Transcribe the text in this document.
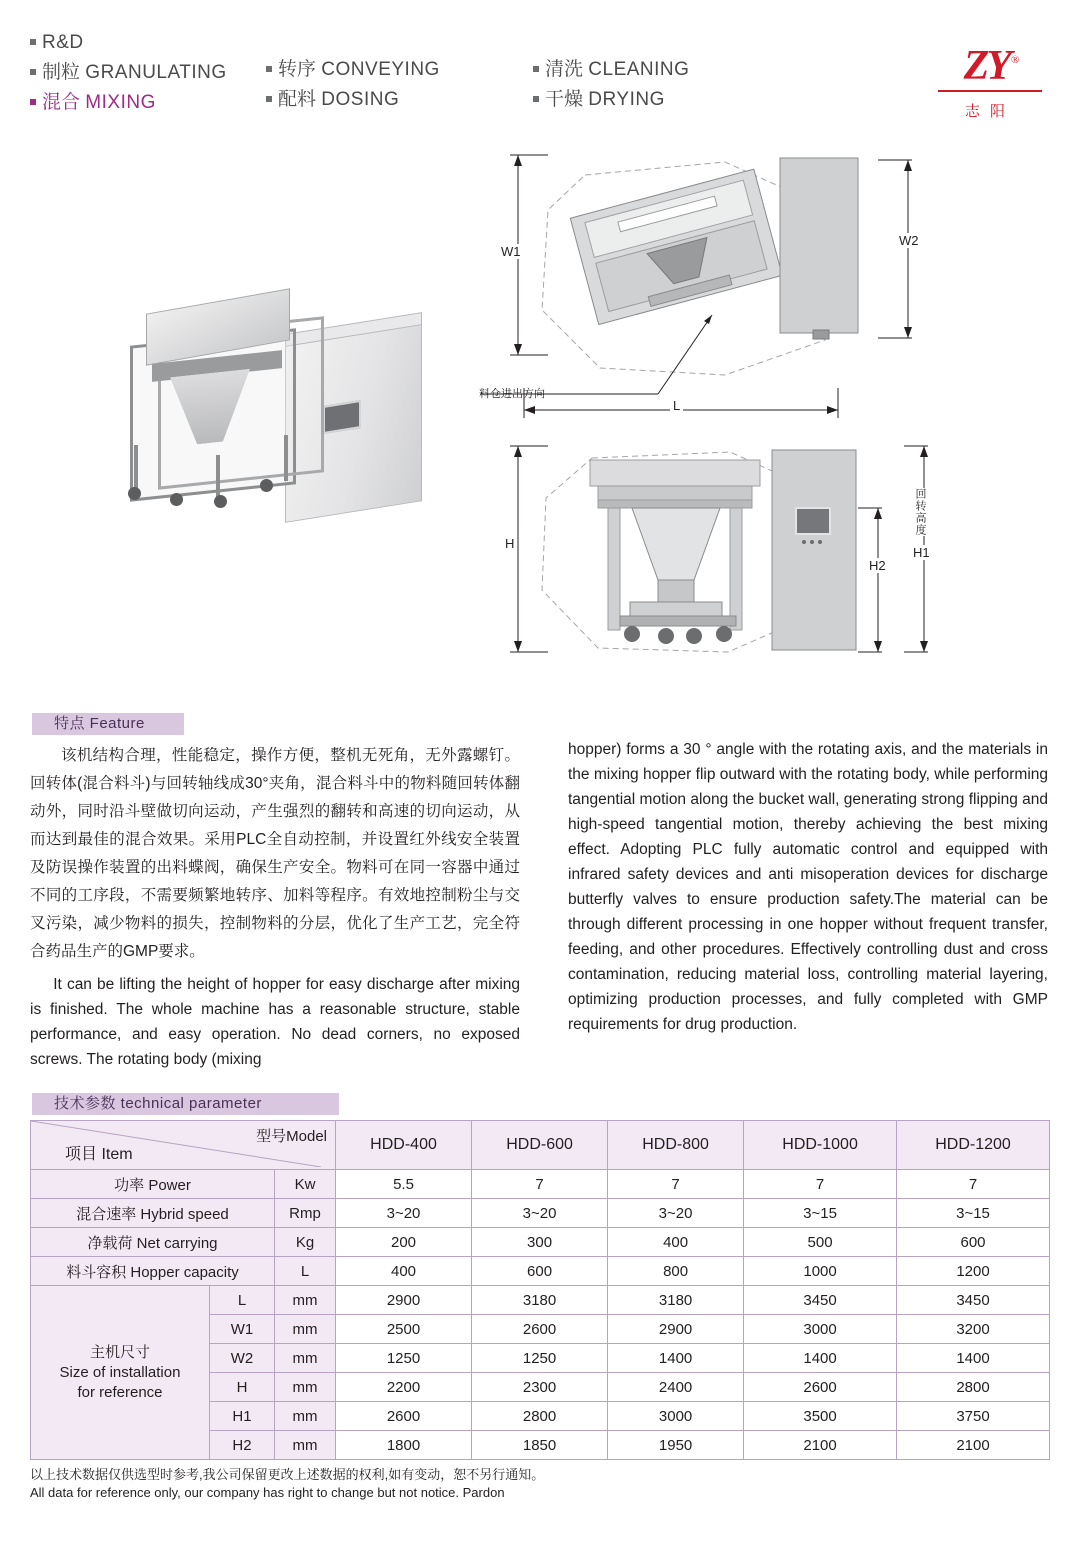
R&D
制粒 GRANULATING
混合 MIXING
转序 CONVEYING
配料 DOSING
清洗 CLEANING
干燥 DRYING
ZY ®
志阳
W1
W2
L
料仓进出方向
H
H2
回转高度
H1
特点 Feature

该机结构合理，性能稳定，操作方便，整机无死角，无外露螺钉。回转体(混合料斗)与回转轴线成30°夹角，混合料斗中的物料随回转体翻动外，同时沿斗壁做切向运动，产生强烈的翻转和高速的切向运动，从而达到最佳的混合效果。采用PLC全自动控制，并设置红外线安全装置及防误操作装置的出料蝶阀，确保生产安全。物料可在同一容器中通过不同的工序段，不需要频繁地转序、加料等程序。有效地控制粉尘与交叉污染，减少物料的损失，控制物料的分层，优化了生产工艺，完全符合药品生产的GMP要求。

It can be lifting the height of hopper for easy discharge after mixing is finished. The whole machine has a reasonable structure, stable performance, and easy operation. No dead corners, no exposed screws. The rotating body (mixing

hopper) forms a 30 ° angle with the rotating axis, and the materials in the mixing hopper flip outward with the rotating body, while performing tangential motion along the bucket wall, generating strong flipping and high-speed tangential motion, thereby achieving the best mixing effect. Adopting PLC fully automatic control and equipped with infrared safety devices and anti misoperation devices for discharge butterfly valves to ensure production safety.The material can be through different processing in one hopper without frequent transfer, feeding, and other procedures. Effectively controlling dust and cross contamination, reducing material loss, controlling material layering, optimizing production processes, and fully completed with GMP requirements for drug production.

技术参数 technical parameter
项目 Item
型号Model			HDD-400	HDD-600	HDD-800	HDD-1000	HDD-1200
功率 Power		Kw	5.5	7	7	7	7
混合速率 Hybrid speed		Rmp	3~20	3~20	3~20	3~15	3~15
净载荷 Net carrying		Kg	200	300	400	500	600
料斗容积 Hopper capacity		L	400	600	800	1000	1200

主机尺寸
Size of installation
for reference	L	mm	2900	3180	3180	3450	3450
	W1	mm	2500	2600	2900	3000	3200
	W2	mm	1250	1250	1400	1400	1400
	H	mm	2200	2300	2400	2600	2800
	H1	mm	2600	2800	3000	3500	3750
	H2	mm	1800	1850	1950	2100	2100
以上技术数据仅供选型时参考,我公司保留更改上述数据的权利,如有变动，恕不另行通知。
All data for reference only, our company has right to change but not notice. Pardon
